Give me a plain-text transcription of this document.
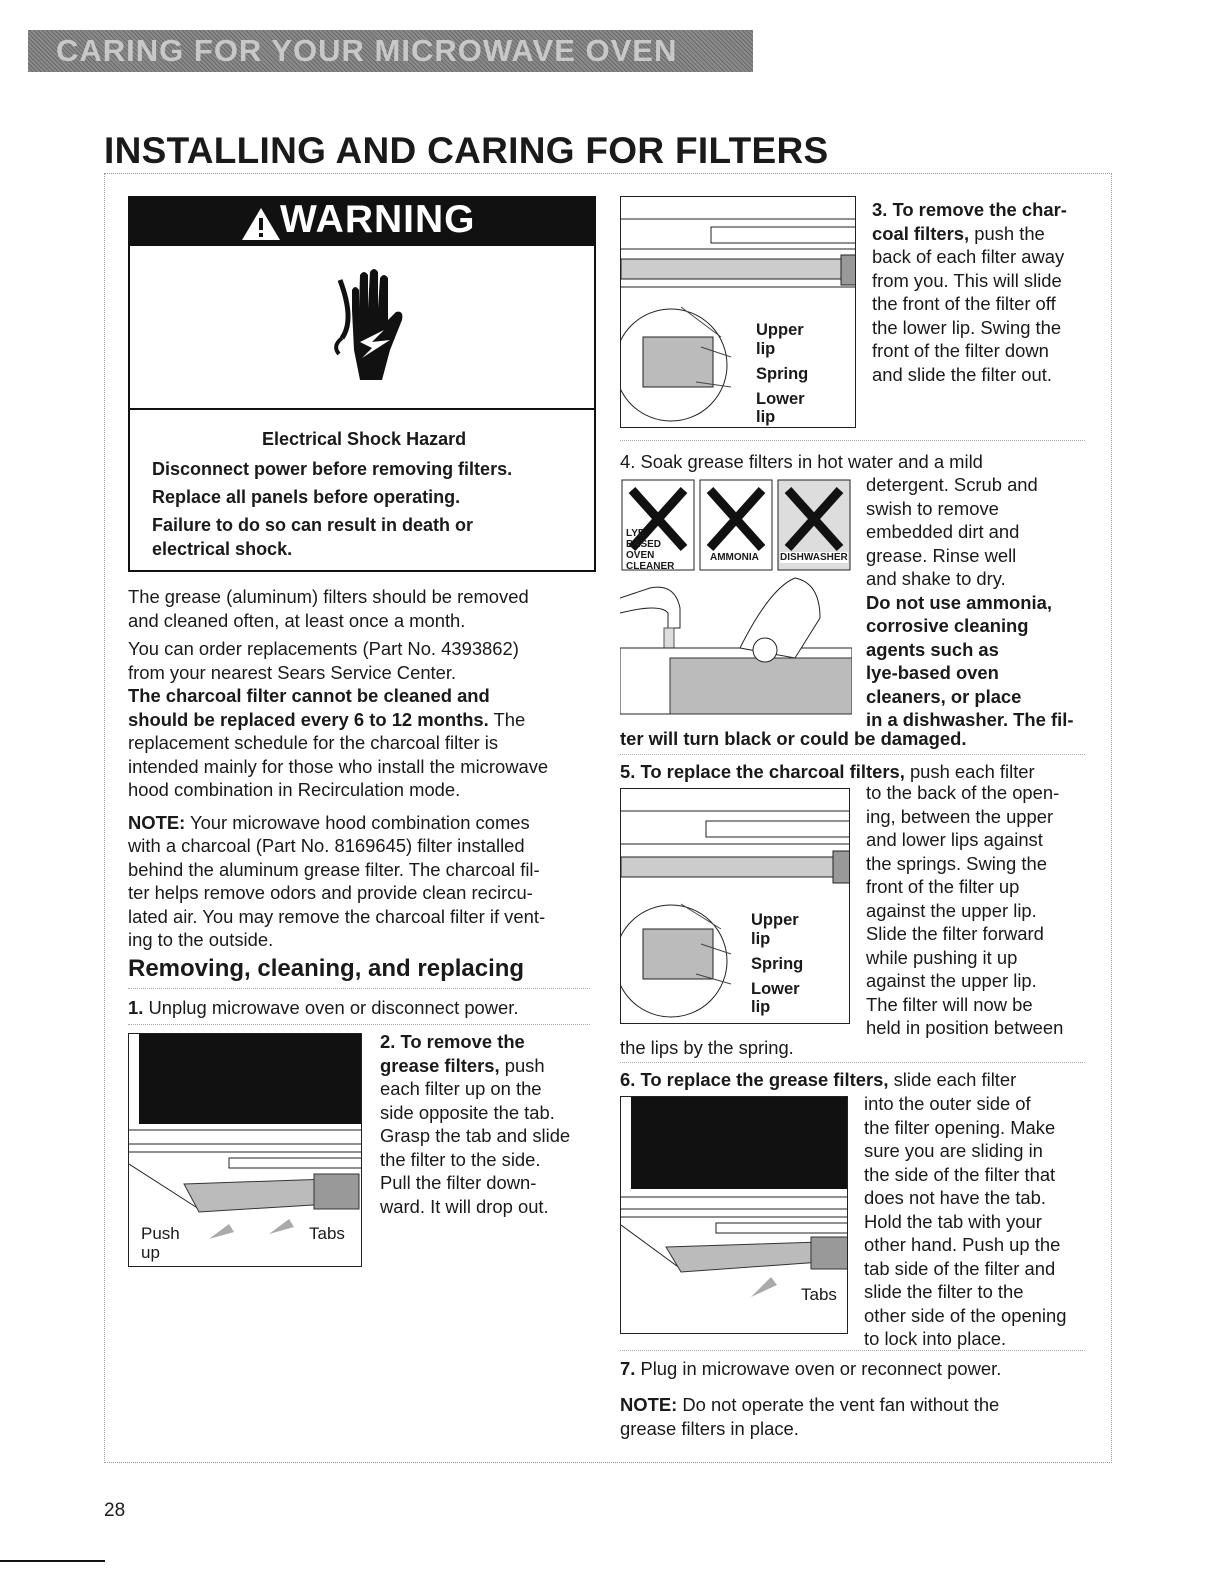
CARING FOR YOUR MICROWAVE OVEN
INSTALLING AND CARING FOR FILTERS
WARNING
Electrical Shock Hazard
Disconnect power before removing filters.
Replace all panels before operating.
Failure to do so can result in death or
electrical shock.

The grease (aluminum) filters should be removed

and cleaned often, at least once a month.

You can order replacements (Part No. 4393862)

from your nearest Sears Service Center.

The charcoal filter cannot be cleaned and

should be replaced every 6 to 12 months. The

replacement schedule for the charcoal filter is

intended mainly for those who install the microwave

hood combination in Recirculation mode.

NOTE: Your microwave hood combination comes

with a charcoal (Part No. 8169645) filter installed

behind the aluminum grease filter. The charcoal fil-

ter helps remove odors and provide clean recircu-

lated air. You may remove the charcoal filter if vent-

ing to the outside.

Removing, cleaning, and replacing
1. Unplug microwave oven or disconnect power.
Push
up
Tabs

2. To remove the

grease filters, push

each filter up on the

side opposite the tab.

Grasp the tab and slide

the filter to the side.

Pull the filter down-

ward. It will drop out.

Upper
lip
Spring
Lower
lip

3. To remove the char-

coal filters, push the

back of each filter away

from you. This will slide

the front of the filter off

the lower lip. Swing the

front of the filter down

and slide the filter out.

4. Soak grease filters in hot water and a mild
LYE
BASED
OVEN
CLEANER
AMMONIA DISHWASHER

detergent. Scrub and

swish to remove

embedded dirt and

grease. Rinse well

and shake to dry.

Do not use ammonia,

corrosive cleaning

agents such as

lye-based oven

cleaners, or place

in a dishwasher. The fil-

ter will turn black or could be damaged.
5. To replace the charcoal filters, push each filter
Upper
lip
Spring
Lower
lip

to the back of the open-

ing, between the upper

and lower lips against

the springs. Swing the

front of the filter up

against the upper lip.

Slide the filter forward

while pushing it up

against the upper lip.

The filter will now be

held in position between

the lips by the spring.
6. To replace the grease filters, slide each filter
Tabs

into the outer side of

the filter opening. Make

sure you are sliding in

the side of the filter that

does not have the tab.

Hold the tab with your

other hand. Push up the

tab side of the filter and

slide the filter to the

other side of the opening

to lock into place.

7. Plug in microwave oven or reconnect power.

NOTE: Do not operate the vent fan without the

grease filters in place.

28
